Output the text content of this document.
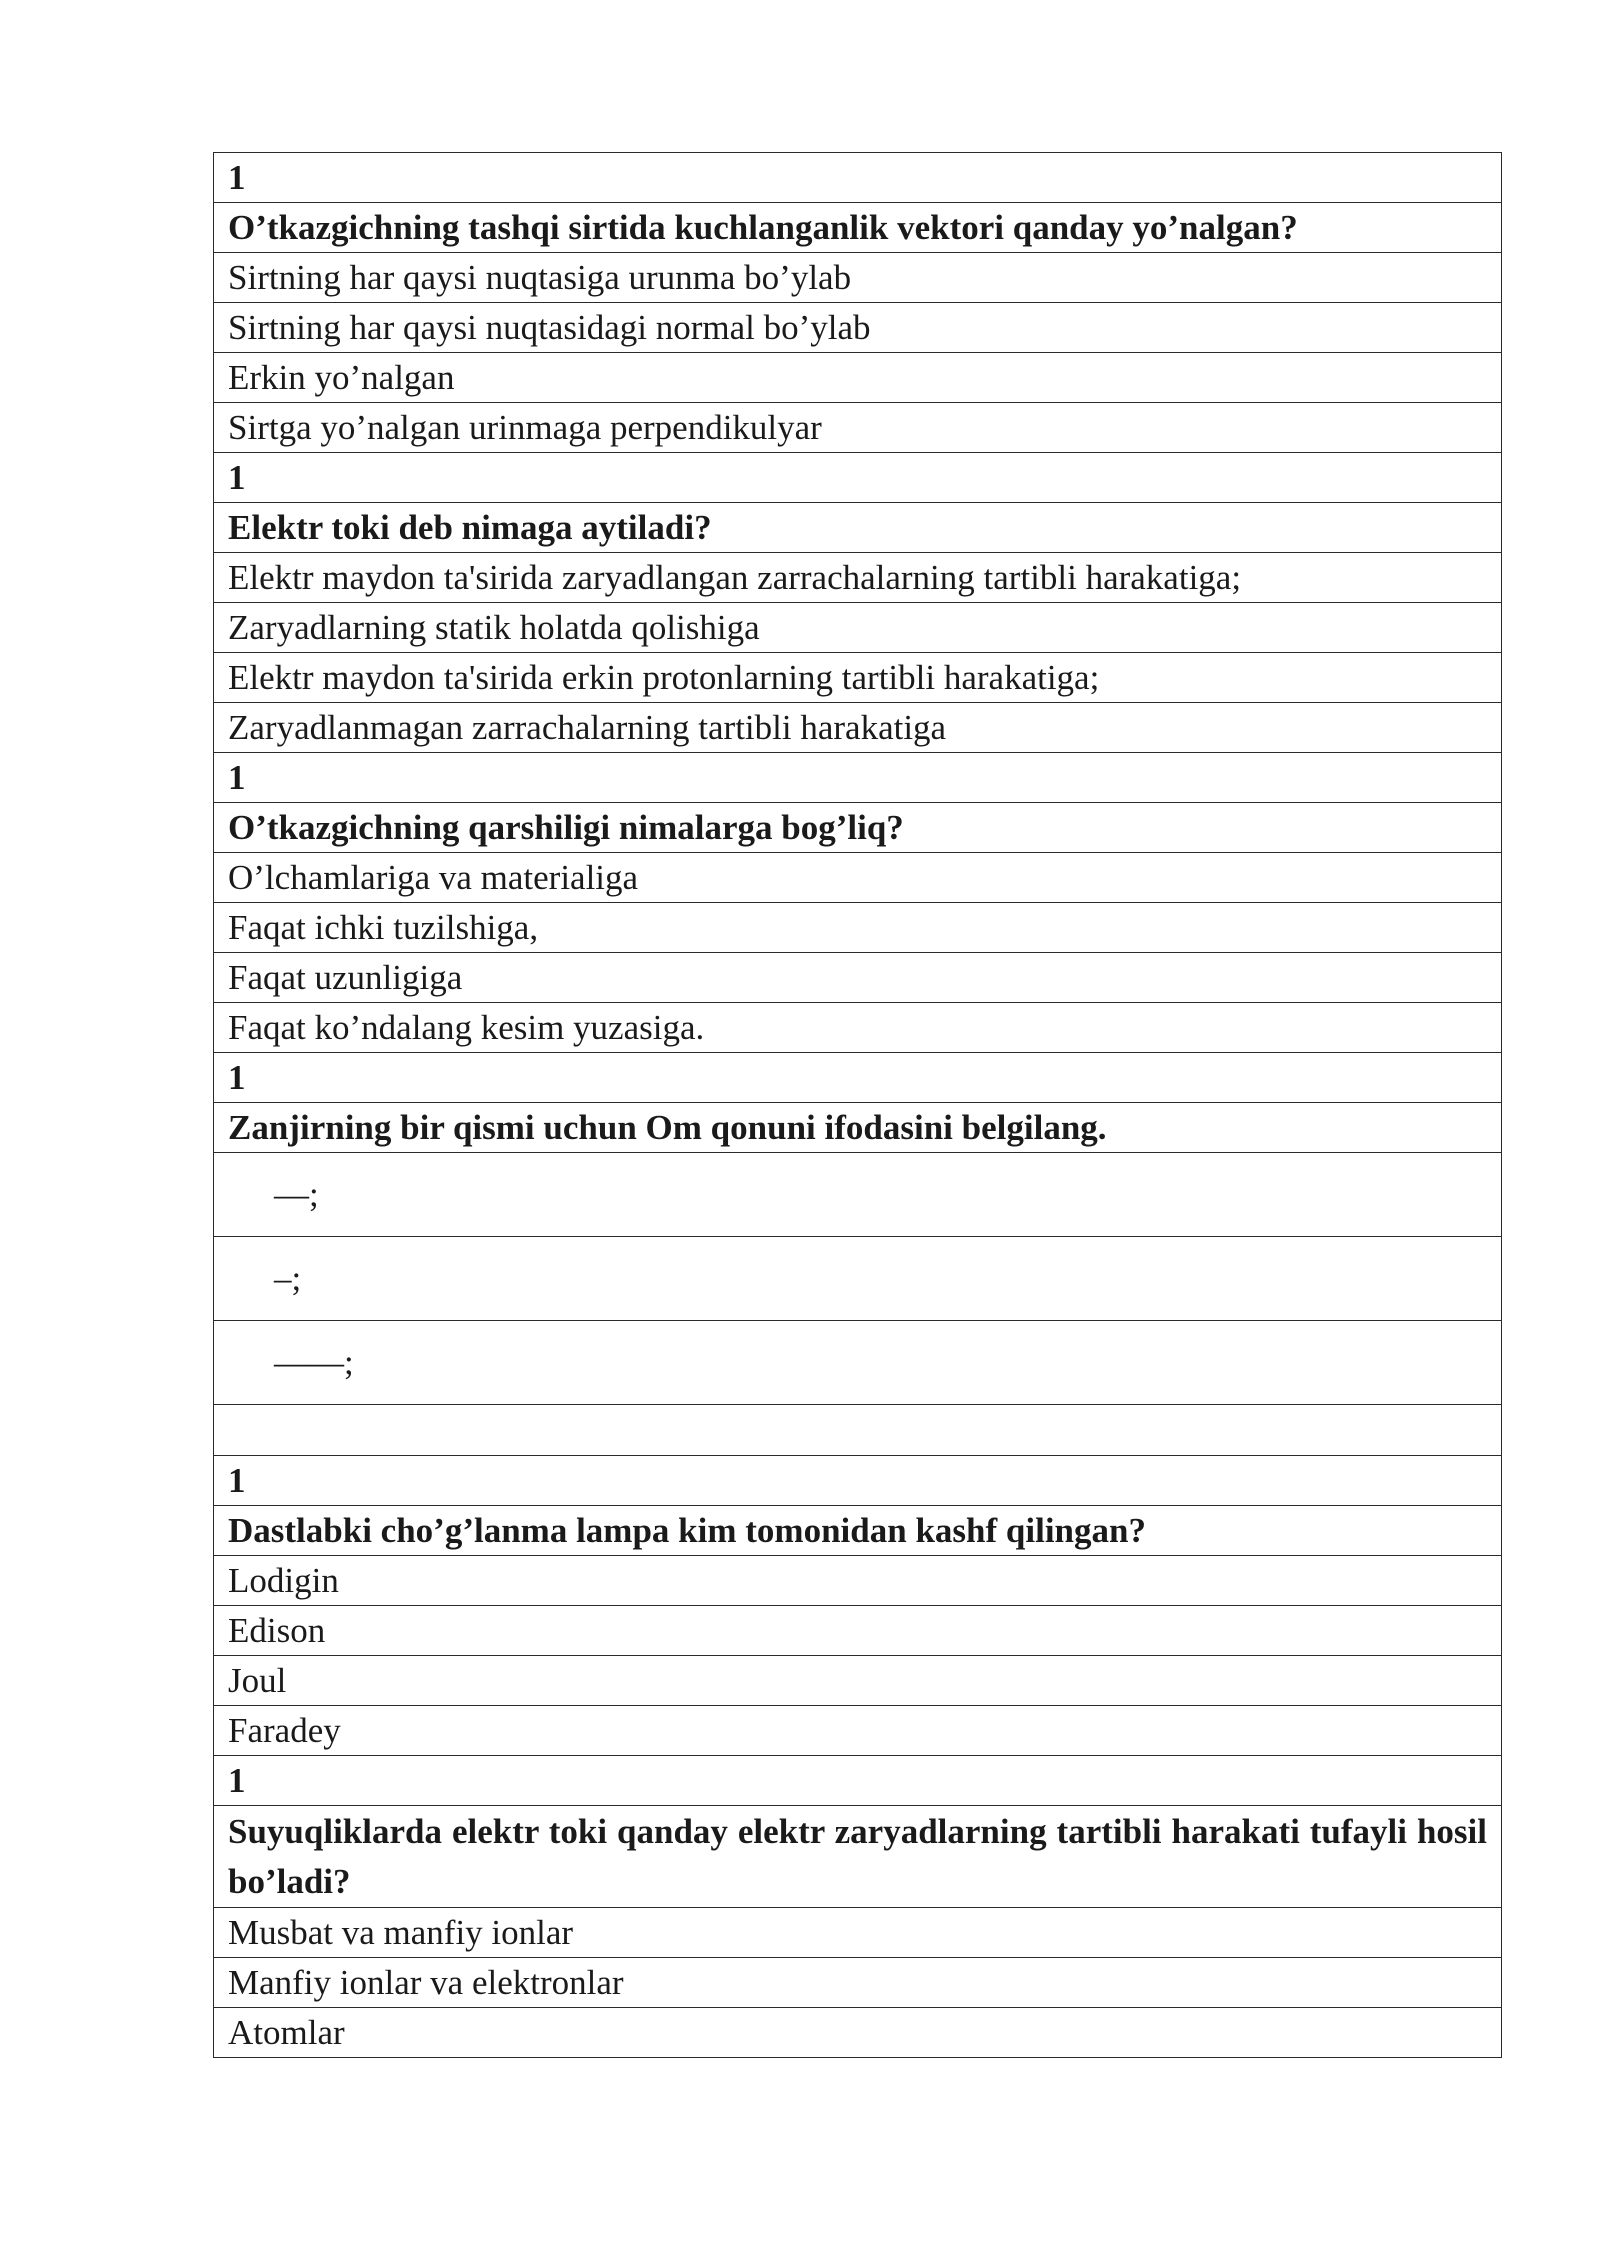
1
O’tkazgichning tashqi sirtida kuchlanganlik vektori qanday yo’nalgan?
Sirtning har qaysi nuqtasiga urunma bo’ylab
Sirtning har qaysi nuqtasidagi normal bo’ylab
Erkin yo’nalgan
Sirtga yo’nalgan urinmaga perpendikulyar
1
Elektr toki deb nimaga aytiladi?
Elektr maydon ta'sirida zaryadlangan zarrachalarning tartibli harakatiga;
Zaryadlarning statik holatda qolishiga
Elektr maydon ta'sirida erkin protonlarning tartibli harakatiga;
Zaryadlanmagan zarrachalarning tartibli harakatiga
1
O’tkazgichning qarshiligi nimalarga bog’liq?
O’lchamlariga va materialiga
Faqat ichki tuzilshiga,
Faqat uzunligiga
Faqat ko’ndalang kesim yuzasiga.
1
Zanjirning bir qismi uchun Om qonuni ifodasini belgilang.
—;
–;
——;

1
Dastlabki cho’g’lanma lampa kim tomonidan kashf qilingan?
Lodigin
Edison
Joul
Faradey
1
Suyuqliklarda elektr toki qanday elektr zaryadlarning tartibli harakati tufayli hosil bo’ladi?
Musbat va manfiy ionlar
Manfiy ionlar va elektronlar
Atomlar
